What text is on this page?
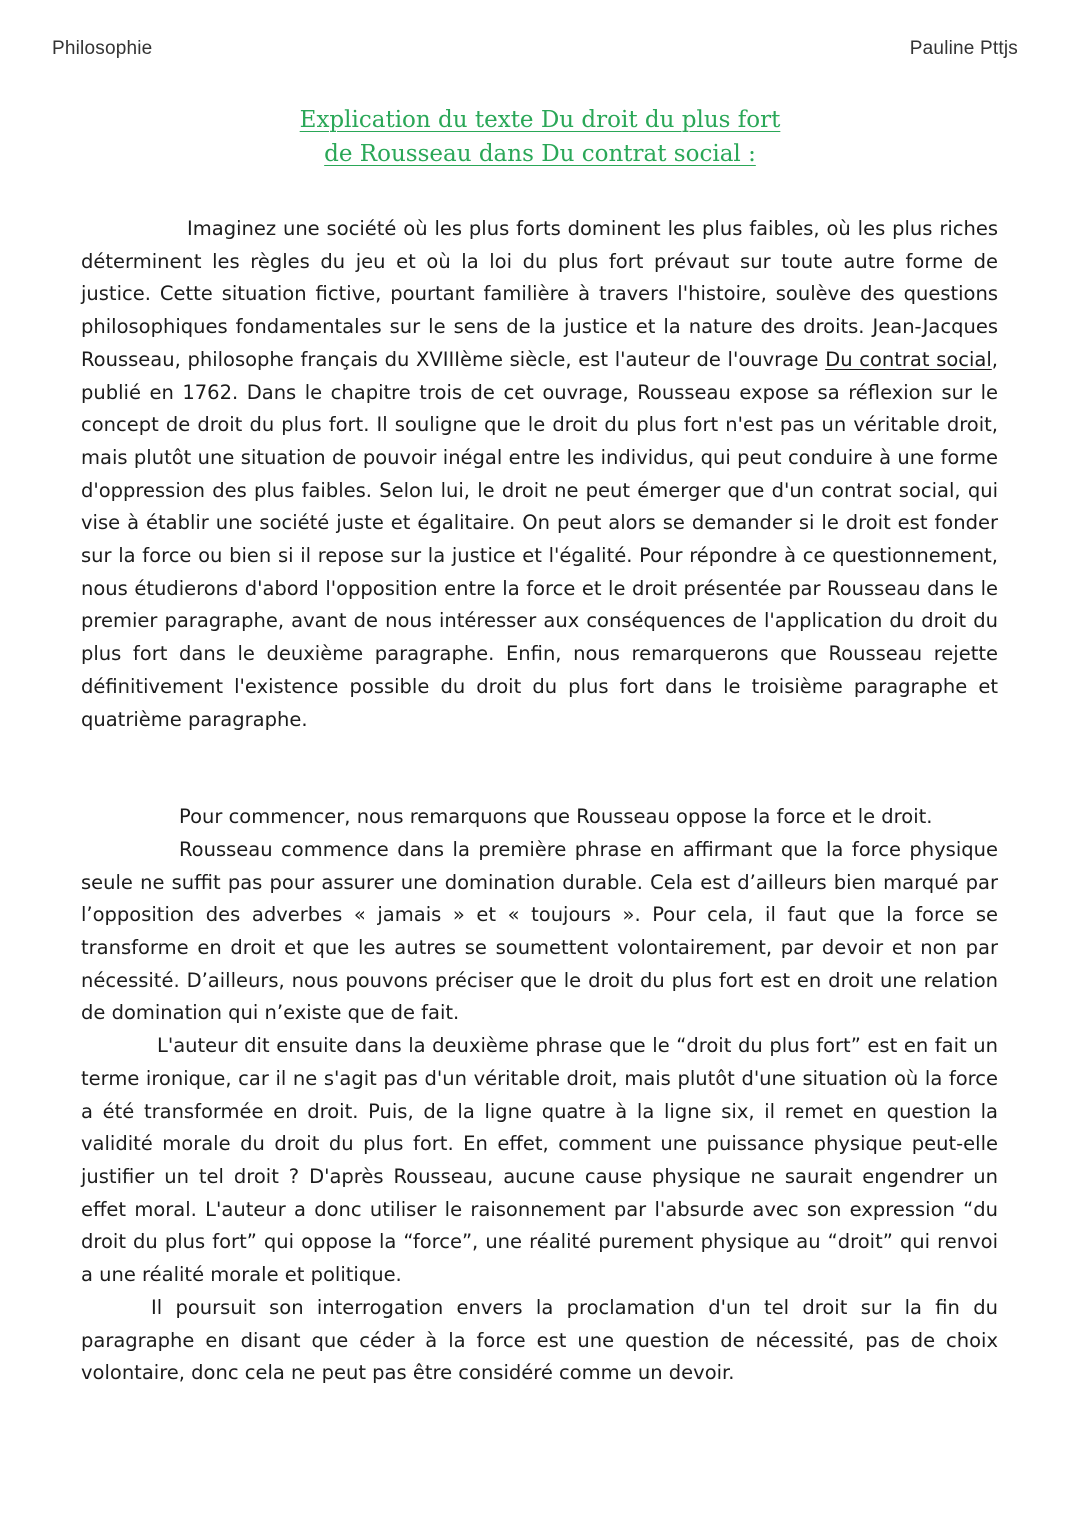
Philosophie	Pauline Pttjs
Explication du texte Du droit du plus fort
de Rousseau dans Du contrat social :

Imaginez une société où les plus forts dominent les plus faibles, où les plus riches déterminent les règles du jeu et où la loi du plus fort prévaut sur toute autre forme de justice. Cette situation fictive, pourtant familière à travers l'histoire, soulève des questions philosophiques fondamentales sur le sens de la justice et la nature des droits. Jean-Jacques Rousseau, philosophe français du XVIIIème siècle, est l'auteur de l'ouvrage Du contrat social, publié en 1762. Dans le chapitre trois de cet ouvrage, Rousseau expose sa réflexion sur le concept de droit du plus fort. Il souligne que le droit du plus fort n'est pas un véritable droit, mais plutôt une situation de pouvoir inégal entre les individus, qui peut conduire à une forme d'oppression des plus faibles. Selon lui, le droit ne peut émerger que d'un contrat social, qui vise à établir une société juste et égalitaire. On peut alors se demander si le droit est fonder sur la force ou bien si il repose sur la justice et l'égalité. Pour répondre à ce questionnement, nous étudierons d'abord l'opposition entre la force et le droit présentée par Rousseau dans le premier paragraphe, avant de nous intéresser aux conséquences de l'application du droit du plus fort dans le deuxième paragraphe. Enfin, nous remarquerons que Rousseau rejette définitivement l'existence possible du droit du plus fort dans le troisième paragraphe et quatrième paragraphe.

Pour commencer, nous remarquons que Rousseau oppose la force et le droit.

Rousseau commence dans la première phrase en affirmant que la force physique seule ne suffit pas pour assurer une domination durable. Cela est d’ailleurs bien marqué par l’opposition des adverbes « jamais » et « toujours ». Pour cela, il faut que la force se transforme en droit et que les autres se soumettent volontairement, par devoir et non par nécessité. D’ailleurs, nous pouvons préciser que le droit du plus fort est en droit une relation de domination qui n’existe que de fait.

L'auteur dit ensuite dans la deuxième phrase que le “droit du plus fort” est en fait un terme ironique, car il ne s'agit pas d'un véritable droit, mais plutôt d'une situation où la force a été transformée en droit. Puis, de la ligne quatre à la ligne six, il remet en question la validité morale du droit du plus fort. En effet, comment une puissance physique peut-elle justifier un tel droit ? D'après Rousseau, aucune cause physique ne saurait engendrer un effet moral. L'auteur a donc utiliser le raisonnement par l'absurde avec son expression “du droit du plus fort” qui oppose la “force”, une réalité purement physique au “droit” qui renvoi a une réalité morale et politique.

Il poursuit son interrogation envers la proclamation d'un tel droit sur la fin du paragraphe en disant que céder à la force est une question de nécessité, pas de choix volontaire, donc cela ne peut pas être considéré comme un devoir.
